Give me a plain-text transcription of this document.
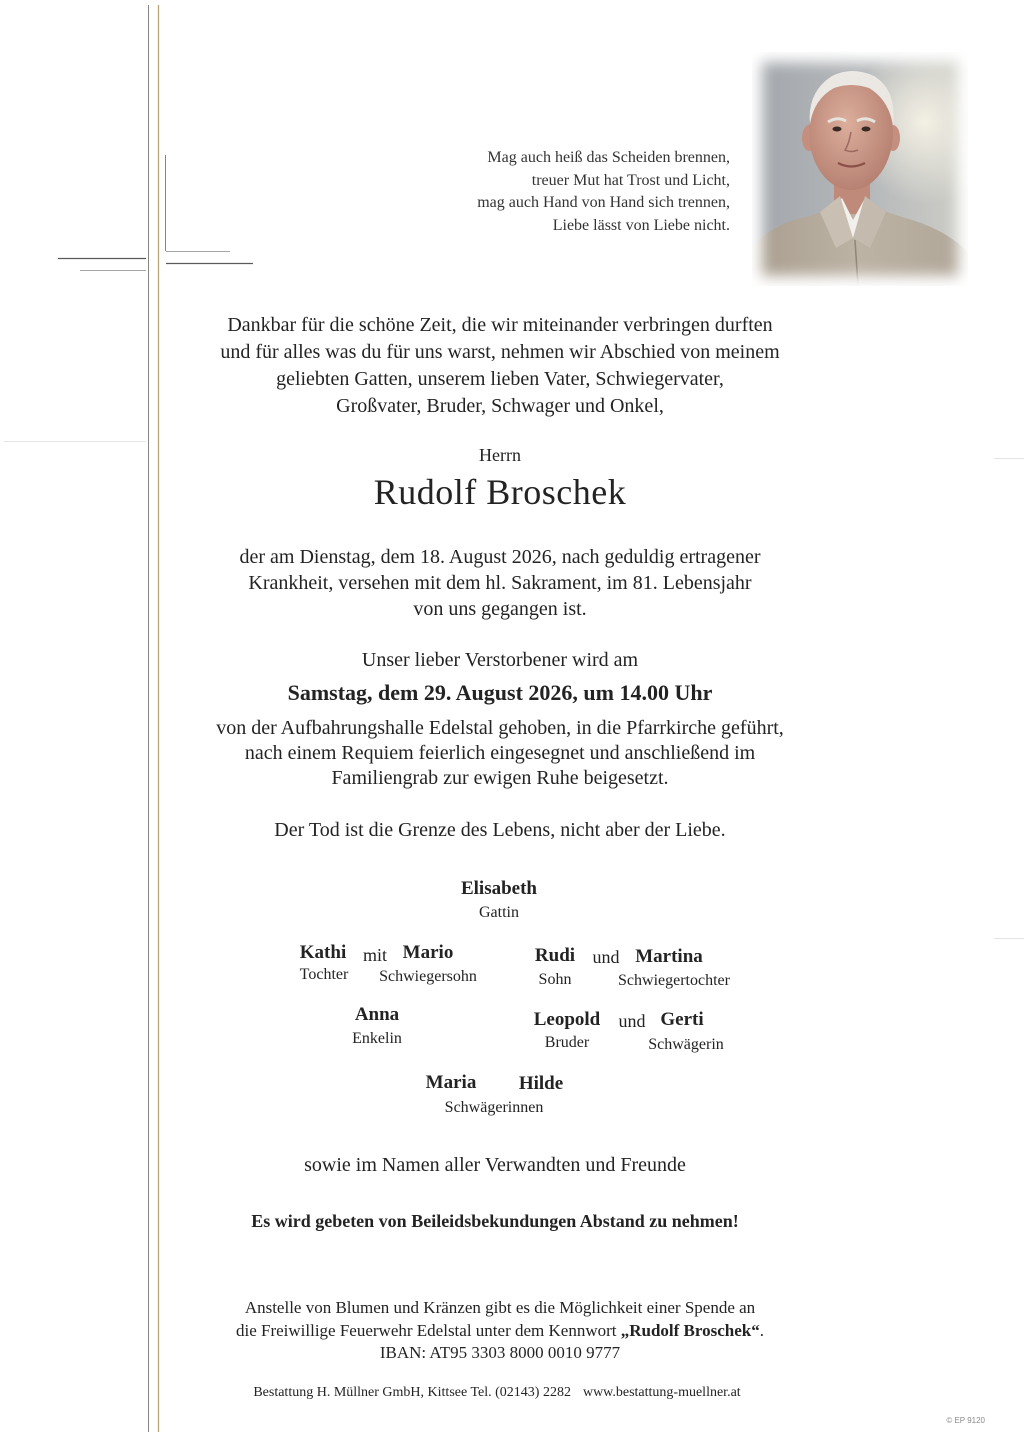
Mag auch heiß das Scheiden brennen,
treuer Mut hat Trost und Licht,
mag auch Hand von Hand sich trennen,
Liebe lässt von Liebe nicht.
Dankbar für die schöne Zeit, die wir miteinander verbringen durften
und für alles was du für uns warst, nehmen wir Abschied von meinem
geliebten Gatten, unserem lieben Vater, Schwiegervater,
Großvater, Bruder, Schwager und Onkel,
Herrn
Rudolf Broschek
der am Dienstag, dem 18. August 2026, nach geduldig ertragener
Krankheit, versehen mit dem hl. Sakrament, im 81. Lebensjahr
von uns gegangen ist.
Unser lieber Verstorbener wird am
Samstag, dem 29. August 2026, um 14.00 Uhr
von der Aufbahrungshalle Edelstal gehoben, in die Pfarrkirche geführt,
nach einem Requiem feierlich eingesegnet und anschließend im
Familiengrab zur ewigen Ruhe beigesetzt.
Der Tod ist die Grenze des Lebens, nicht aber der Liebe.
Elisabeth
Gattin
Kathi mit Mario
Tochter Schwiegersohn
Rudi und Martina
Sohn	Schwiegertochter
Anna
Enkelin
Leopold und Gerti
Bruder	Schwägerin
Maria Hilde
Schwägerinnen
sowie im Namen aller Verwandten und Freunde
Es wird gebeten von Beileidsbekundungen Abstand zu nehmen!
Anstelle von Blumen und Kränzen gibt es die Möglichkeit einer Spende an
die Freiwillige Feuerwehr Edelstal unter dem Kennwort „Rudolf Broschek“.
IBAN: AT95 3303 8000 0010 9777
Bestattung H. Müllner GmbH, Kittsee Tel. (02143) 2282 www.bestattung-muellner.at
© EP 9120
